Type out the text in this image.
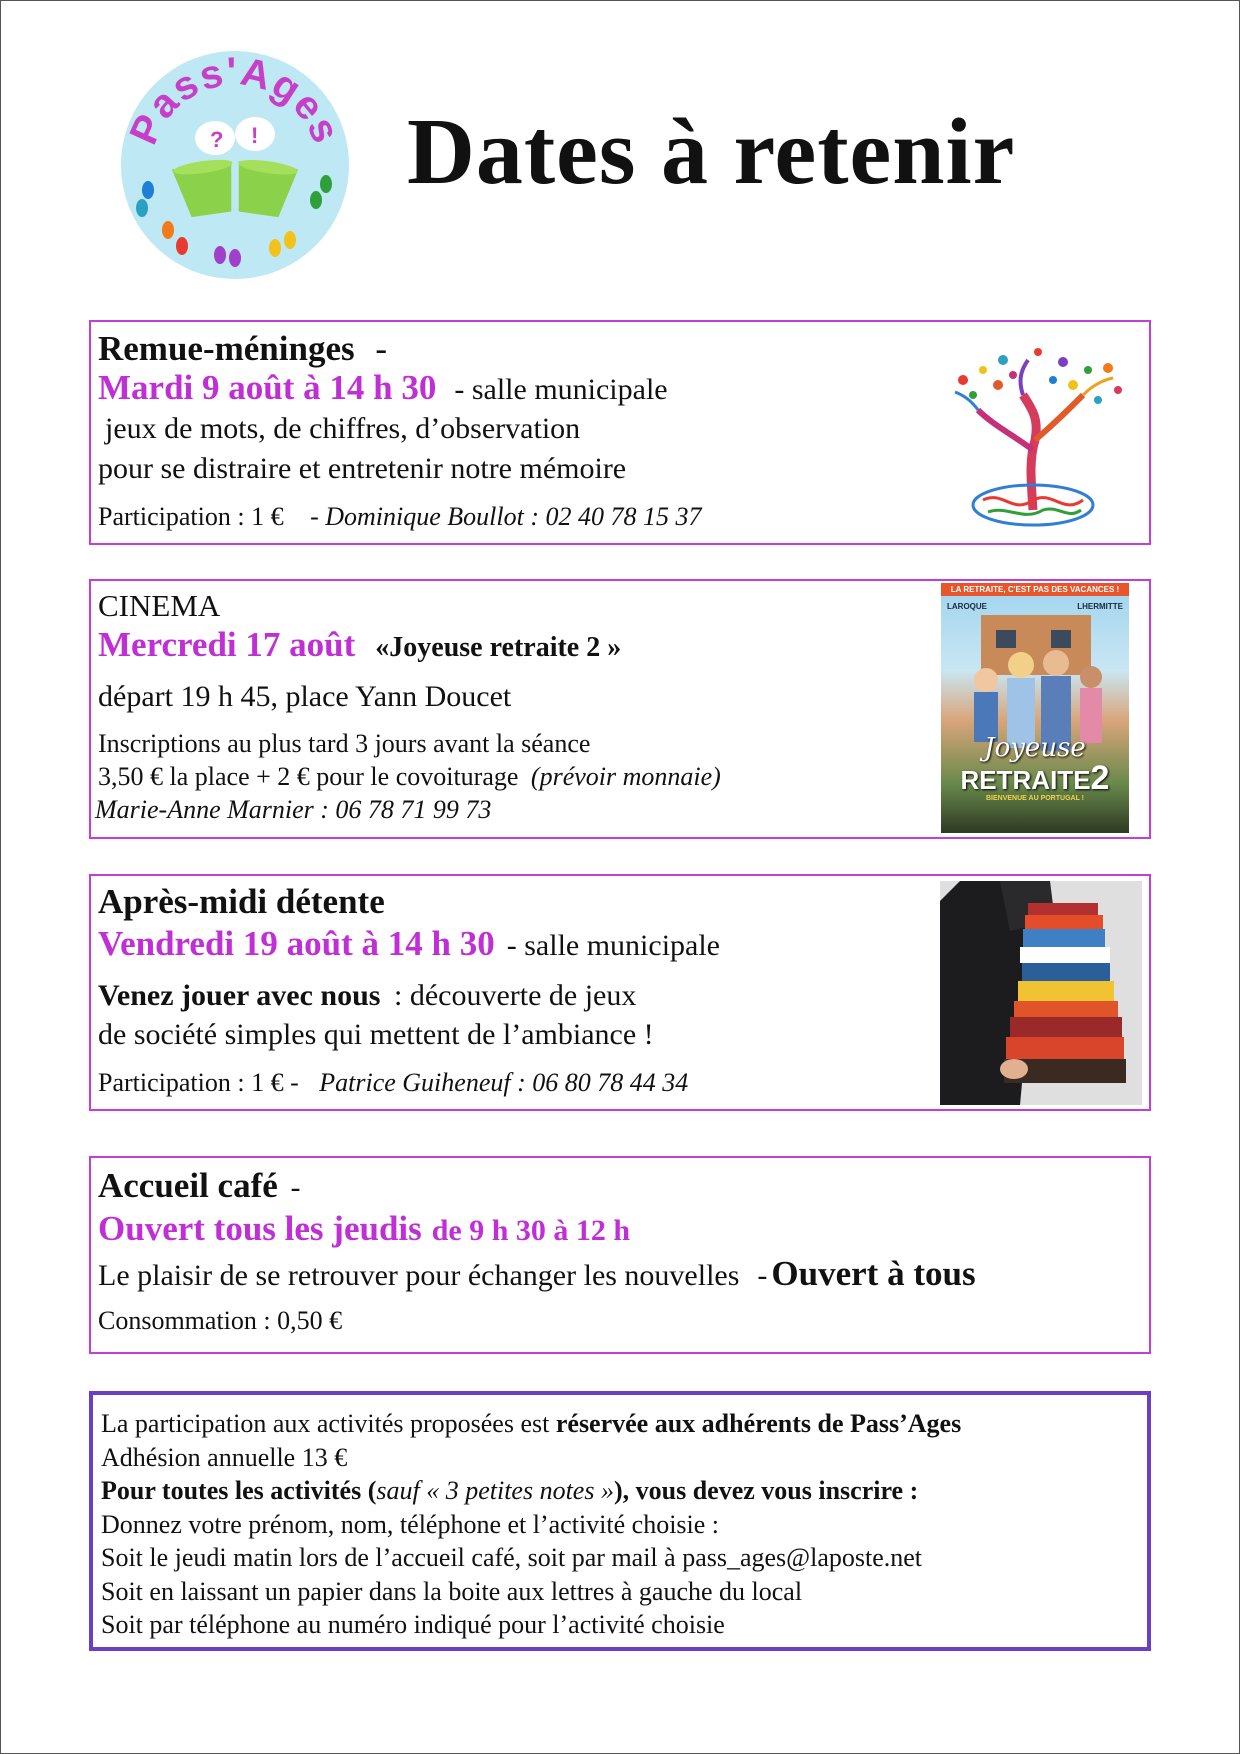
Pass'Ages
? ! Dates à retenir
Remue-méninges -
Mardi 9 août à 14 h 30 - salle municipale
jeux de mots, de chiffres, d’observation
pour se distraire et entretenir notre mémoire
Participation : 1 € - Dominique Boullot : 02 40 78 15 37
CINEMA
Mercredi 17 août «Joyeuse retraite 2 »
départ 19 h 45, place Yann Doucet
Inscriptions au plus tard 3 jours avant la séance
3,50 € la place + 2 € pour le covoiturage (prévoir monnaie)
Marie-Anne Marnier : 06 78 71 99 73
LA RETRAITE, C'EST PAS DES VACANCES !
LAROQUE	LHERMITTE
Joyeuse
RETRAITE2
BIENVENUE AU PORTUGAL !
Après-midi détente
Vendredi 19 août à 14 h 30 - salle municipale
Venez jouer avec nous : découverte de jeux
de société simples qui mettent de l’ambiance !
Participation : 1 € - Patrice Guiheneuf : 06 80 78 44 34
Accueil café -
Ouvert tous les jeudis de 9 h 30 à 12 h
Le plaisir de se retrouver pour échanger les nouvelles - Ouvert à tous
Consommation : 0,50 €
La participation aux activités proposées est réservée aux adhérents de Pass’Ages
Adhésion annuelle 13 €
Pour toutes les activités (sauf « 3 petites notes »), vous devez vous inscrire :
Donnez votre prénom, nom, téléphone et l’activité choisie :
Soit le jeudi matin lors de l’accueil café, soit par mail à pass_ages@laposte.net
Soit en laissant un papier dans la boite aux lettres à gauche du local
Soit par téléphone au numéro indiqué pour l’activité choisie
